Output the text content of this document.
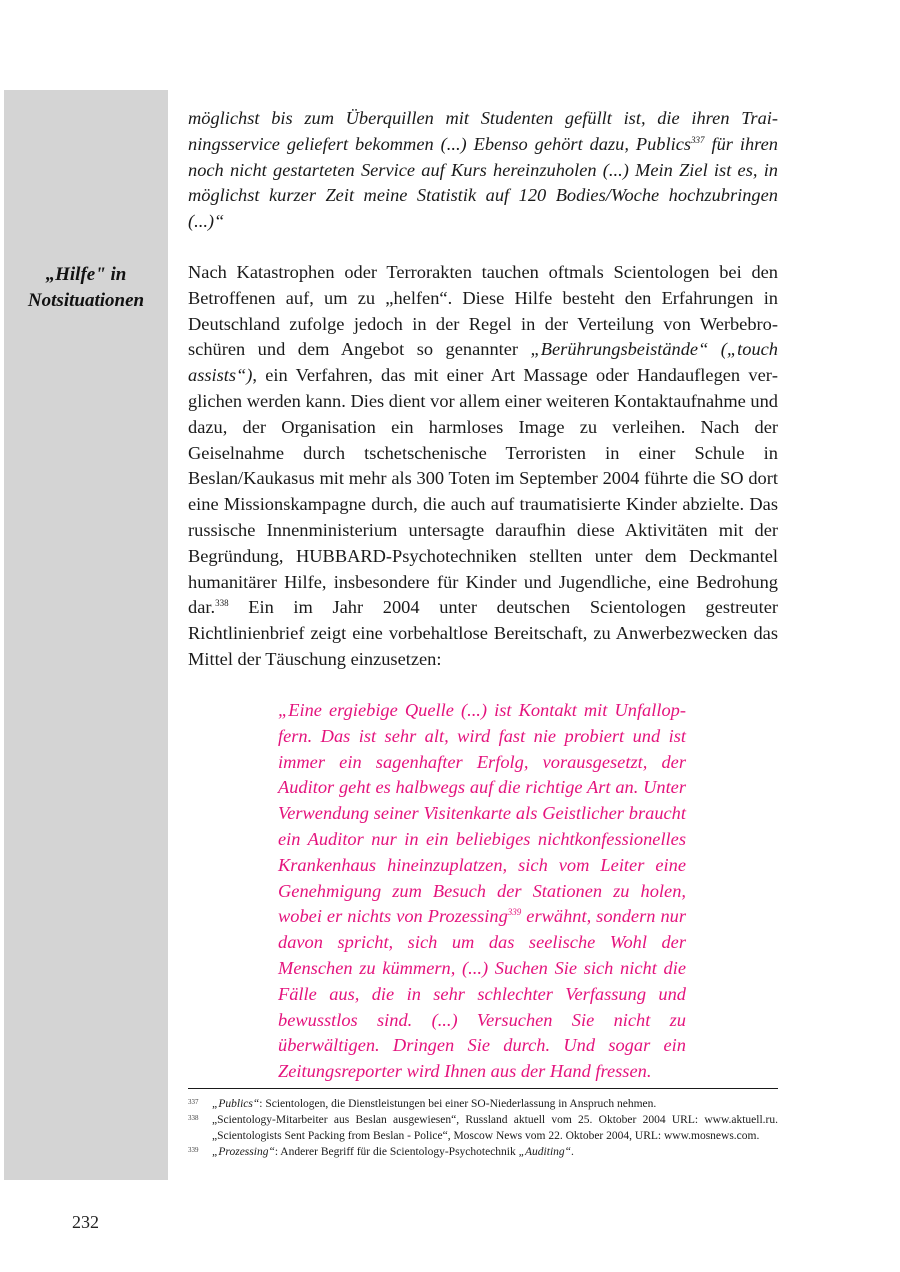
„Hilfe" in
Notsituationen
möglichst bis zum Überquillen mit Studenten gefüllt ist, die ihren Trainingsservice geliefert bekommen (...) Ebenso gehört dazu, Publics$^{337}$ für ihren noch nicht gestarteten Service auf Kurs hereinzuholen (...) Mein Ziel ist es, in möglichst kurzer Zeit meine Statistik auf 120 Bodies/Woche hochzubringen (...)“
Nach Katastrophen oder Terrorakten tauchen oftmals Scientologen bei den Betroffenen auf, um zu „helfen“. Diese Hilfe besteht den Erfahrungen in Deutschland zufolge jedoch in der Regel in der Verteilung von Werbebroschüren und dem Angebot so genannter „Berührungsbeistände“ („touch assists“), ein Verfahren, das mit einer Art Massage oder Handauflegen verglichen werden kann. Dies dient vor allem einer weiteren Kontaktaufnahme und dazu, der Organisation ein harmloses Image zu verleihen. Nach der Geiselnahme durch tschetschenische Terroristen in einer Schule in Beslan/Kaukasus mit mehr als 300 Toten im September 2004 führte die SO dort eine Missionskampagne durch, die auch auf traumatisierte Kinder abzielte. Das russische Innenministerium untersagte daraufhin diese Aktivitäten mit der Begründung, HUBBARD-Psychotechniken stellten unter dem Deckmantel humanitärer Hilfe, insbesondere für Kinder und Jugendliche, eine Bedrohung dar.$^{338}$ Ein im Jahr 2004 unter deutschen Scientologen gestreuter Richtlinienbrief zeigt eine vorbehaltlose Bereitschaft, zu Anwerbezwecken das Mittel der Täuschung einzusetzen:
„Eine ergiebige Quelle (...) ist Kontakt mit Unfallopfern. Das ist sehr alt, wird fast nie probiert und ist immer ein sagenhafter Erfolg, vorausgesetzt, der Auditor geht es halbwegs auf die richtige Art an. Unter Verwendung seiner Visitenkarte als Geistlicher braucht ein Auditor nur in ein beliebiges nichtkonfessionelles Krankenhaus hineinzuplatzen, sich vom Leiter eine Genehmigung zum Besuch der Stationen zu holen, wobei er nichts von Prozessing$^{339}$ erwähnt, sondern nur davon spricht, sich um das seelische Wohl der Menschen zu kümmern, (...) Suchen Sie sich nicht die Fälle aus, die in sehr schlechter Verfassung und bewusstlos sind. (...) Versuchen Sie nicht zu überwältigen. Dringen Sie durch. Und sogar ein Zeitungsreporter wird Ihnen aus der Hand fressen.

337 „Publics“: Scientologen, die Dienstleistungen bei einer SO-Niederlassung in Anspruch nehmen.

338 „Scientology-Mitarbeiter aus Beslan ausgewiesen“, Russland aktuell vom 25. Oktober 2004 URL: www.aktuell.ru. „Scientologists Sent Packing from Beslan - Police“, Moscow News vom 22. Oktober 2004, URL: www.mosnews.com.

339 „Prozessing“: Anderer Begriff für die Scientology-Psychotechnik „Auditing“.

232
